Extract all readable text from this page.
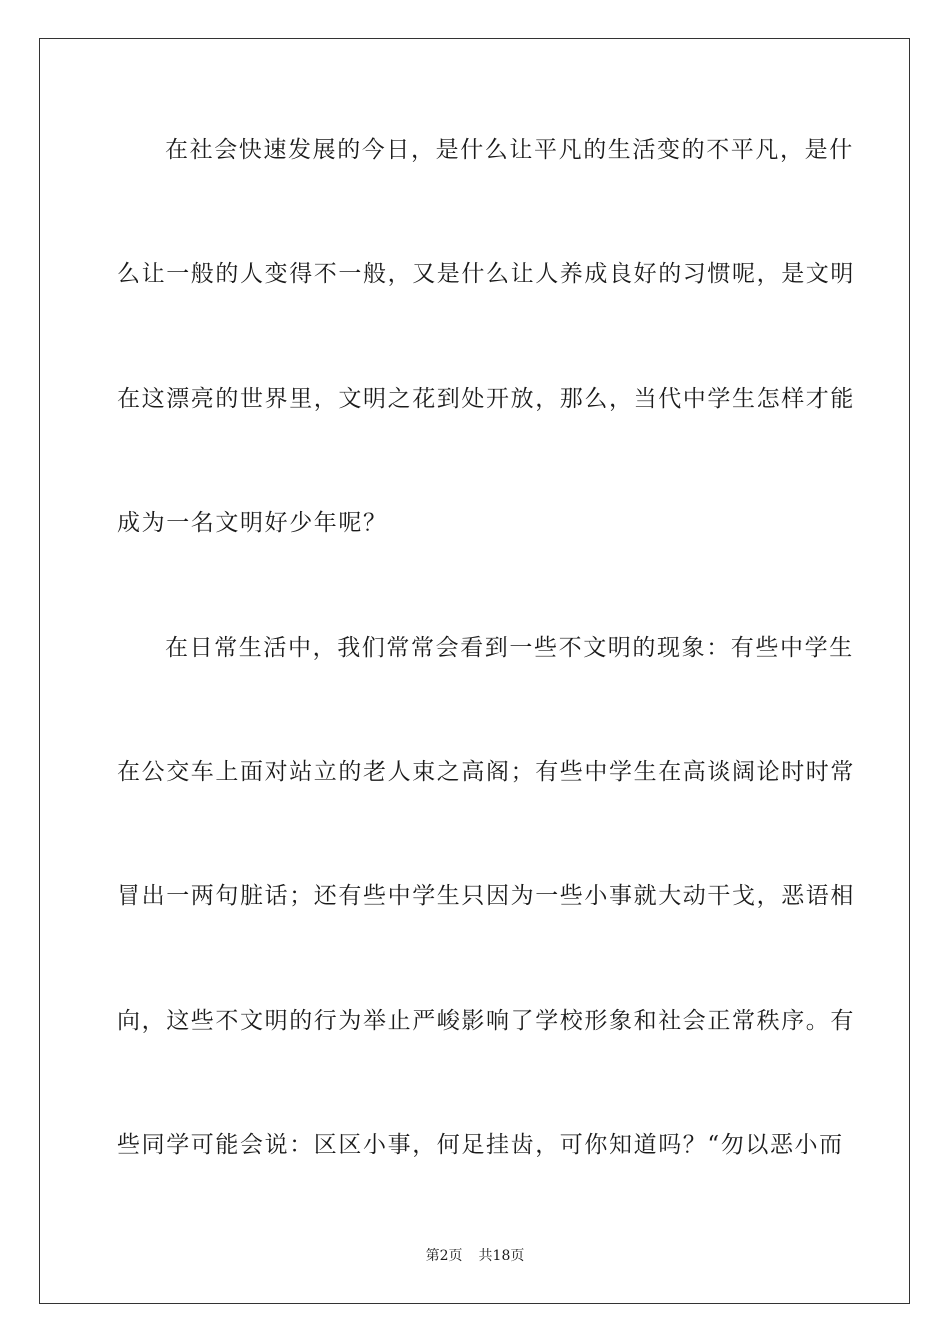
在社会快速发展的今日，是什么让平凡的生活变的不平凡，是什
么让一般的人变得不一般，又是什么让人养成良好的习惯呢，是文明
在这漂亮的世界里，文明之花到处开放，那么，当代中学生怎样才能
成为一名文明好少年呢？
在日常生活中，我们常常会看到一些不文明的现象：有些中学生
在公交车上面对站立的老人束之高阁；有些中学生在高谈阔论时时常
冒出一两句脏话；还有些中学生只因为一些小事就大动干戈，恶语相
向，这些不文明的行为举止严峻影响了学校形象和社会正常秩序。有
些同学可能会说：区区小事，何足挂齿，可你知道吗？“勿以恶小而
第2页 共18页
